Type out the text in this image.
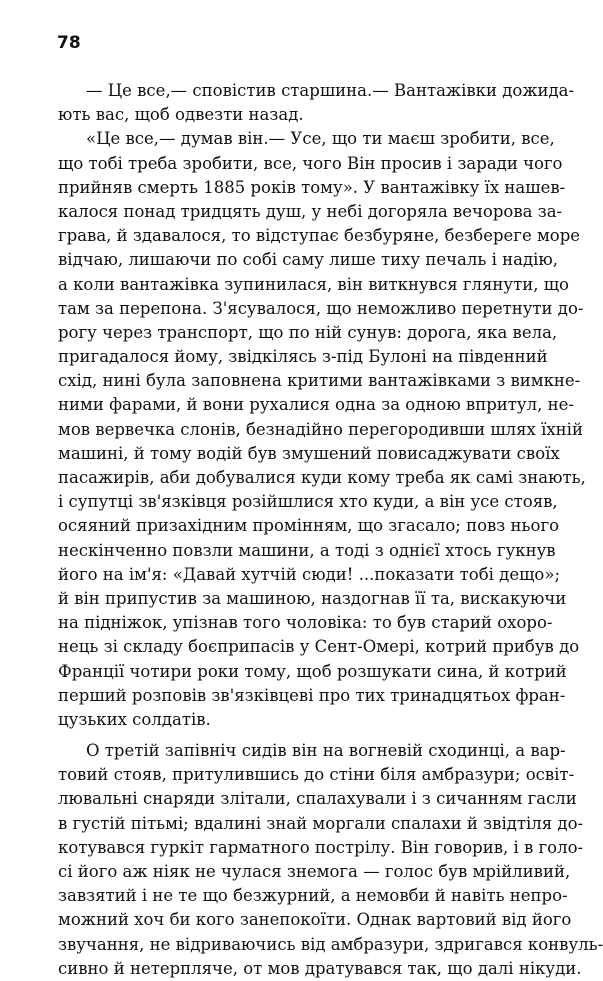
78
— Це все,— сповістив старшина.— Вантажівки дожида-
ють вас, щоб одвезти назад.
«Це все,— думав він.— Усе, що ти маєш зробити, все,
що тобі треба зробити, все, чого Він просив і заради чого
прийняв смерть 1885 років тому». У вантажівку їх нашев-
калося понад тридцять душ, у небі догоряла вечорова за-
грава, й здавалося, то відступає безбуряне, безберегe море
відчаю, лишаючи по собі саму лише тиху печаль і надію,
а коли вантажівка зупинилася, він виткнувся глянути, що
там за перепона. З'ясувалося, що неможливо перетнути до-
рогу через транспорт, що по ній сунув: дорога, яка вела,
пригадалося йому, звідкілясь з-під Булоні на південний
схід, нині була заповнена критими вантажівками з вимкне-
ними фарами, й вони рухалися одна за одною впритул, не-
мов вервечка слонів, безнадійно перегородивши шлях їхній
машині, й тому водій був змушений повисаджувати своїх
пасажирів, аби добувалися куди кому треба як самі знають,
і супутці зв'язківця розійшлися хто куди, а він усе стояв,
осяяний призахідним промінням, що згасало; повз нього
нескінченно повзли машини, а тоді з однієї хтось гукнув
його на ім'я: «Давай хутчій сюди! ...показати тобі дещо»;
й він припустив за машиною, наздогнав її та, вискакуючи
на підніжок, упізнав того чоловіка: то був старий охоро-
нець зі складу боєприпасів у Сент-Омері, котрий прибув до
Франції чотири роки тому, щоб розшукати сина, й котрий
перший розповів зв'язківцеві про тих тринадцятьох фран-
цузьких солдатів.
О третій запівніч сидів він на вогневій сходинці, а вар-
товий стояв, притулившись до стіни біля амбразури; освіт-
лювальні снаряди злітали, спалахували і з сичанням гасли
в густій пітьмі; вдалині знай моргали спалахи й звідтіля до-
котувався гуркіт гарматного пострілу. Він говорив, і в голо-
сі його аж ніяк не чулася знемога — голос був мрійливий,
завзятий і не те що безжурний, а немовби й навіть непро-
можний хоч би кого занепокоїти. Однак вартовий від його
звучання, не відриваючись від амбразури, здригався конвуль-
сивно й нетерпляче, от мов дратувався так, що далі нікуди.
